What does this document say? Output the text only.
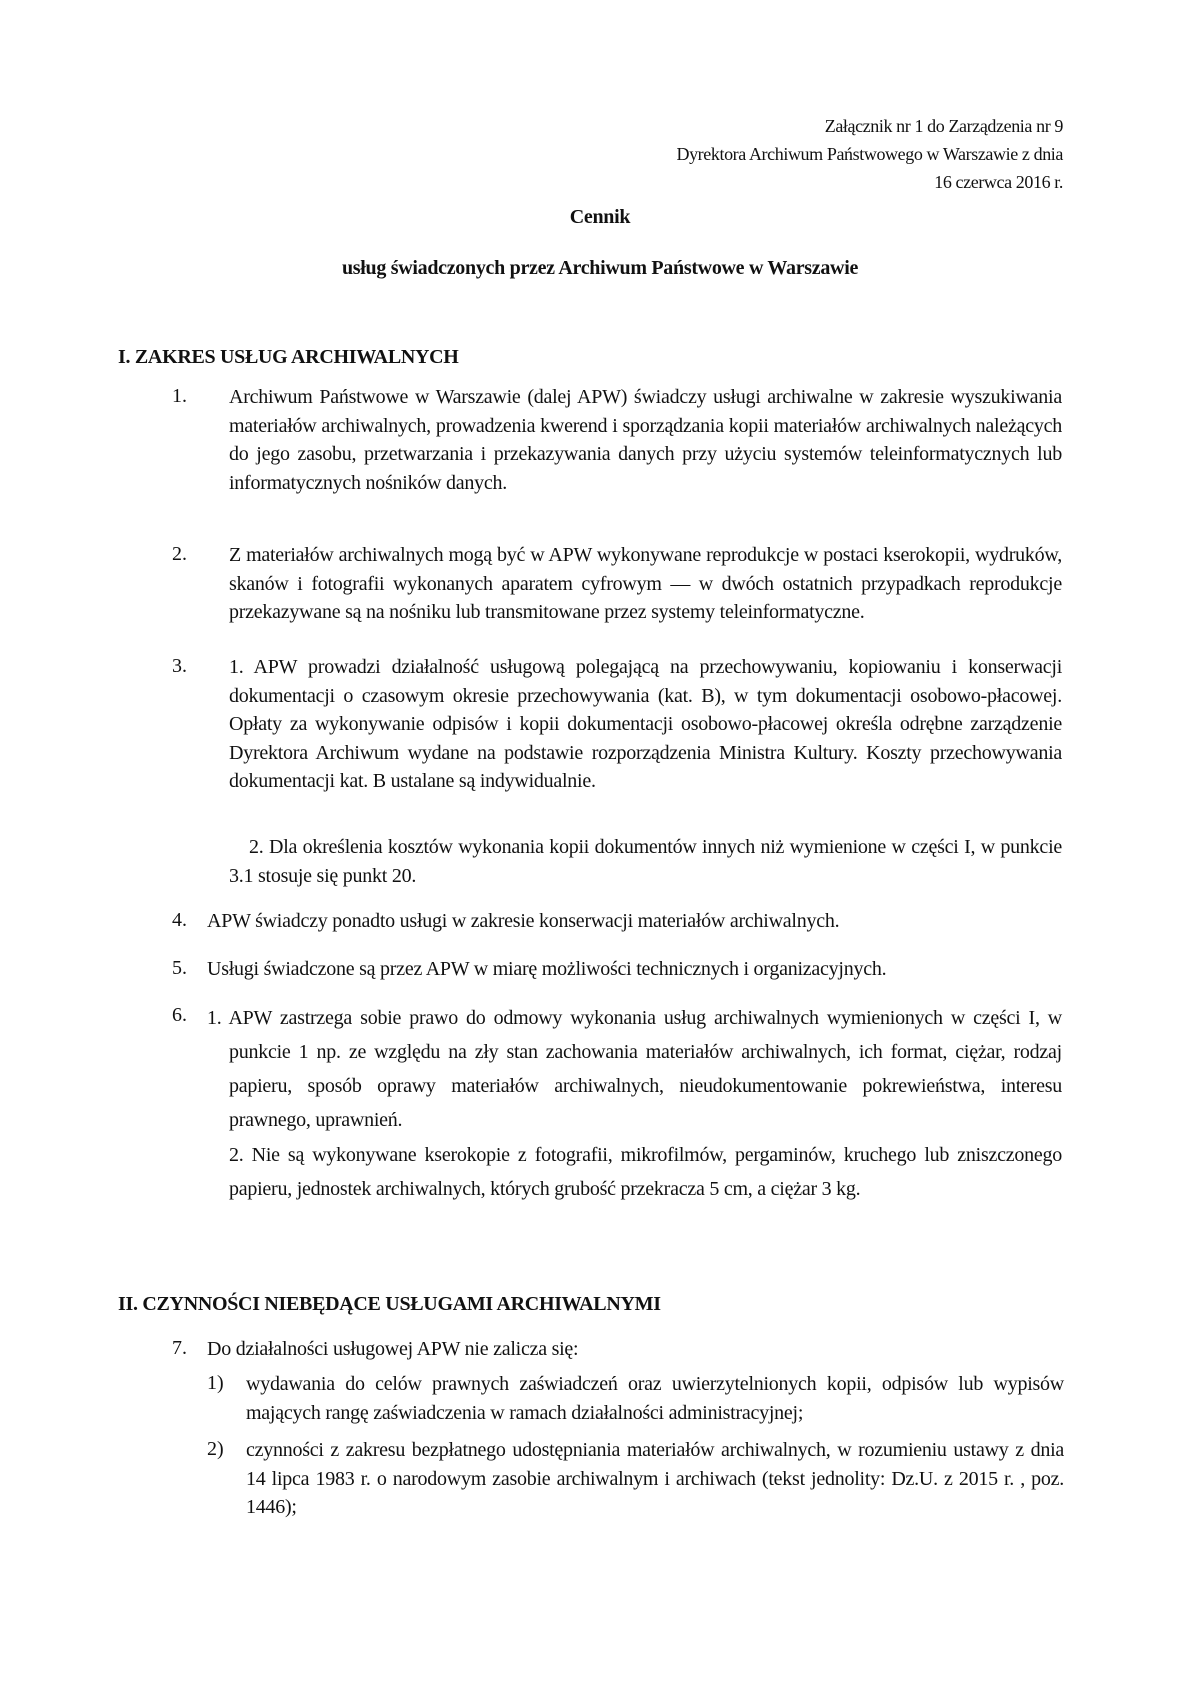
Załącznik nr 1 do Zarządzenia nr 9
Dyrektora Archiwum Państwowego w Warszawie z dnia
16 czerwca 2016 r.
Cennik
usług świadczonych przez Archiwum Państwowe w Warszawie
I. ZAKRES USŁUG ARCHIWALNYCH
1. Archiwum Państwowe w Warszawie (dalej APW) świadczy usługi archiwalne w zakresie wyszukiwania materiałów archiwalnych, prowadzenia kwerend i sporządzania kopii materiałów archiwalnych należących do jego zasobu, przetwarzania i przekazywania danych przy użyciu systemów teleinformatycznych lub informatycznych nośników danych.
2. Z materiałów archiwalnych mogą być w APW wykonywane reprodukcje w postaci kserokopii, wydruków, skanów i fotografii wykonanych aparatem cyfrowym — w dwóch ostatnich przypadkach reprodukcje przekazywane są na nośniku lub transmitowane przez systemy teleinformatyczne.
3. 1. APW prowadzi działalność usługową polegającą na przechowywaniu, kopiowaniu i konserwacji dokumentacji o czasowym okresie przechowywania (kat. B), w tym dokumentacji osobowo-płacowej. Opłaty za wykonywanie odpisów i kopii dokumentacji osobowo-płacowej określa odrębne zarządzenie Dyrektora Archiwum wydane na podstawie rozporządzenia Ministra Kultury. Koszty przechowywania dokumentacji kat. B ustalane są indywidualnie.
2. Dla określenia kosztów wykonania kopii dokumentów innych niż wymienione w części I, w punkcie 3.1 stosuje się punkt 20.
4. APW świadczy ponadto usługi w zakresie konserwacji materiałów archiwalnych.
5. Usługi świadczone są przez APW w miarę możliwości technicznych i organizacyjnych.
6. 1. APW zastrzega sobie prawo do odmowy wykonania usług archiwalnych wymienionych w części I, w punkcie 1 np. ze względu na zły stan zachowania materiałów archiwalnych, ich format, ciężar, rodzaj papieru, sposób oprawy materiałów archiwalnych, nieudokumentowanie pokrewieństwa, interesu prawnego, uprawnień.
2. Nie są wykonywane kserokopie z fotografii, mikrofilmów, pergaminów, kruchego lub zniszczonego papieru, jednostek archiwalnych, których grubość przekracza 5 cm, a ciężar 3 kg.
II. CZYNNOŚCI NIEBĘDĄCE USŁUGAMI ARCHIWALNYMI
7. Do działalności usługowej APW nie zalicza się:
1) wydawania do celów prawnych zaświadczeń oraz uwierzytelnionych kopii, odpisów lub wypisów mających rangę zaświadczenia w ramach działalności administracyjnej;
2) czynności z zakresu bezpłatnego udostępniania materiałów archiwalnych, w rozumieniu ustawy z dnia 14 lipca 1983 r. o narodowym zasobie archiwalnym i archiwach (tekst jednolity: Dz.U. z 2015 r. , poz. 1446);
